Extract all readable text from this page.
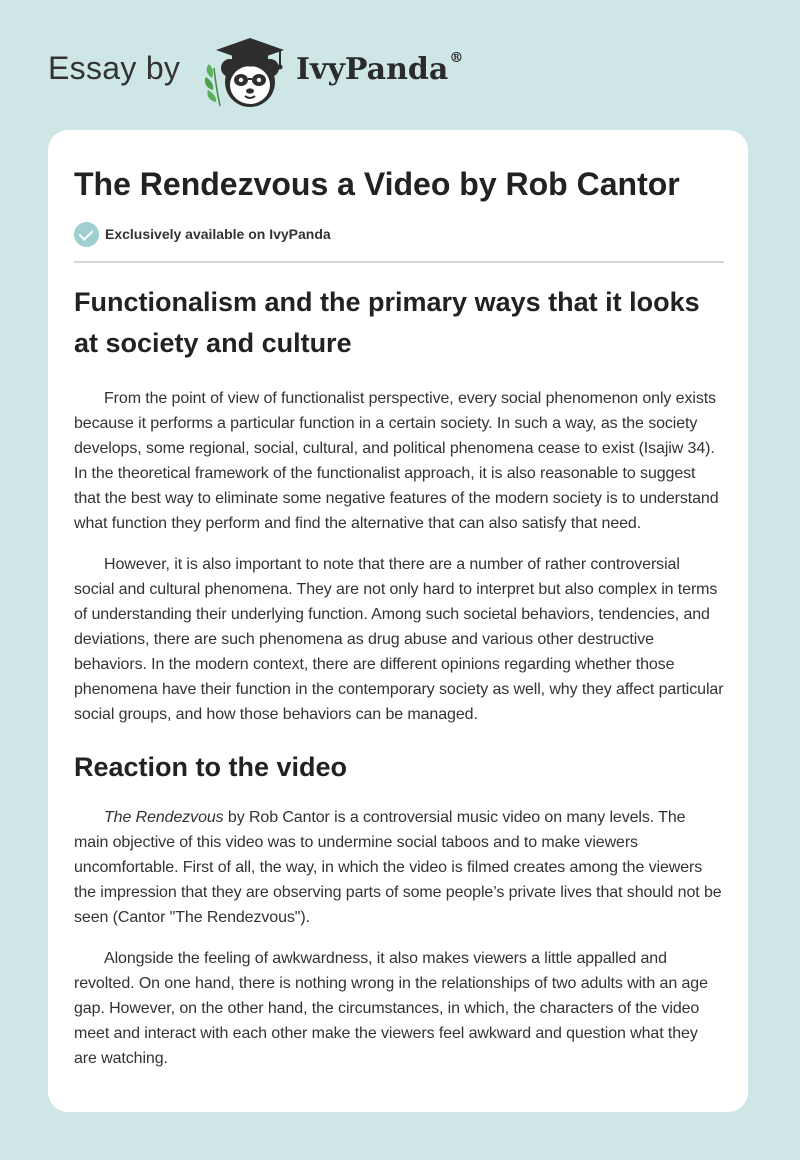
Essay by	IvyPanda®
The Rendezvous a Video by Rob Cantor
Exclusively available on IvyPanda
Functionalism and the primary ways that it looks at society and culture

From the point of view of functionalist perspective, every social phenomenon only exists because it performs a particular function in a certain society. In such a way, as the society develops, some regional, social, cultural, and political phenomena cease to exist (Isajiw 34). In the theoretical framework of the functionalist approach, it is also reasonable to suggest that the best way to eliminate some negative features of the modern society is to understand what function they perform and find the alternative that can also satisfy that need.

However, it is also important to note that there are a number of rather controversial social and cultural phenomena. They are not only hard to interpret but also complex in terms of understanding their underlying function. Among such societal behaviors, tendencies, and deviations, there are such phenomena as drug abuse and various other destructive behaviors. In the modern context, there are different opinions regarding whether those phenomena have their function in the contemporary society as well, why they affect particular social groups, and how those behaviors can be managed.

Reaction to the video

The Rendezvous by Rob Cantor is a controversial music video on many levels. The main objective of this video was to undermine social taboos and to make viewers uncomfortable. First of all, the way, in which the video is filmed creates among the viewers the impression that they are observing parts of some people’s private lives that should not be seen (Cantor "The Rendezvous").

Alongside the feeling of awkwardness, it also makes viewers a little appalled and revolted. On one hand, there is nothing wrong in the relationships of two adults with an age gap. However, on the other hand, the circumstances, in which, the characters of the video meet and interact with each other make the viewers feel awkward and question what they are watching.
